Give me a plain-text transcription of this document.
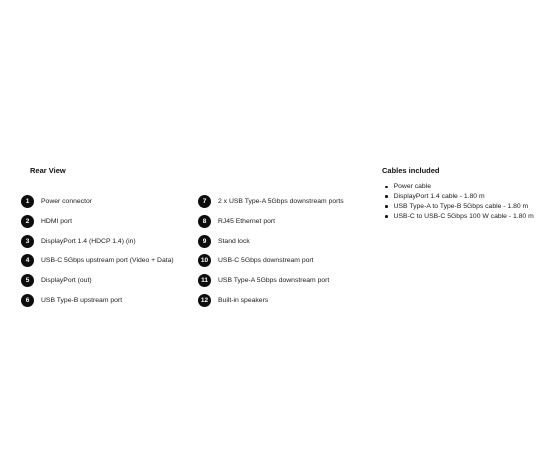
Rear View
1	Power connector
2	HDMI port
3	DisplayPort 1.4 (HDCP 1.4) (in)
4	USB-C 5Gbps upstream port (Video + Data)
5	DisplayPort (out)
6	USB Type-B upstream port
7	2 x USB Type-A 5Gbps downstream ports
8	RJ45 Ethernet port
9	Stand lock
10	USB-C 5Gbps downstream port
11	USB Type-A 5Gbps downstream port
12	Built-in speakers
Cables included
Power cable
DisplayPort 1.4 cable - 1.80 m
USB Type-A to Type-B 5Gbps cable - 1.80 m
USB-C to USB-C 5Gbps 100 W cable - 1.80 m
